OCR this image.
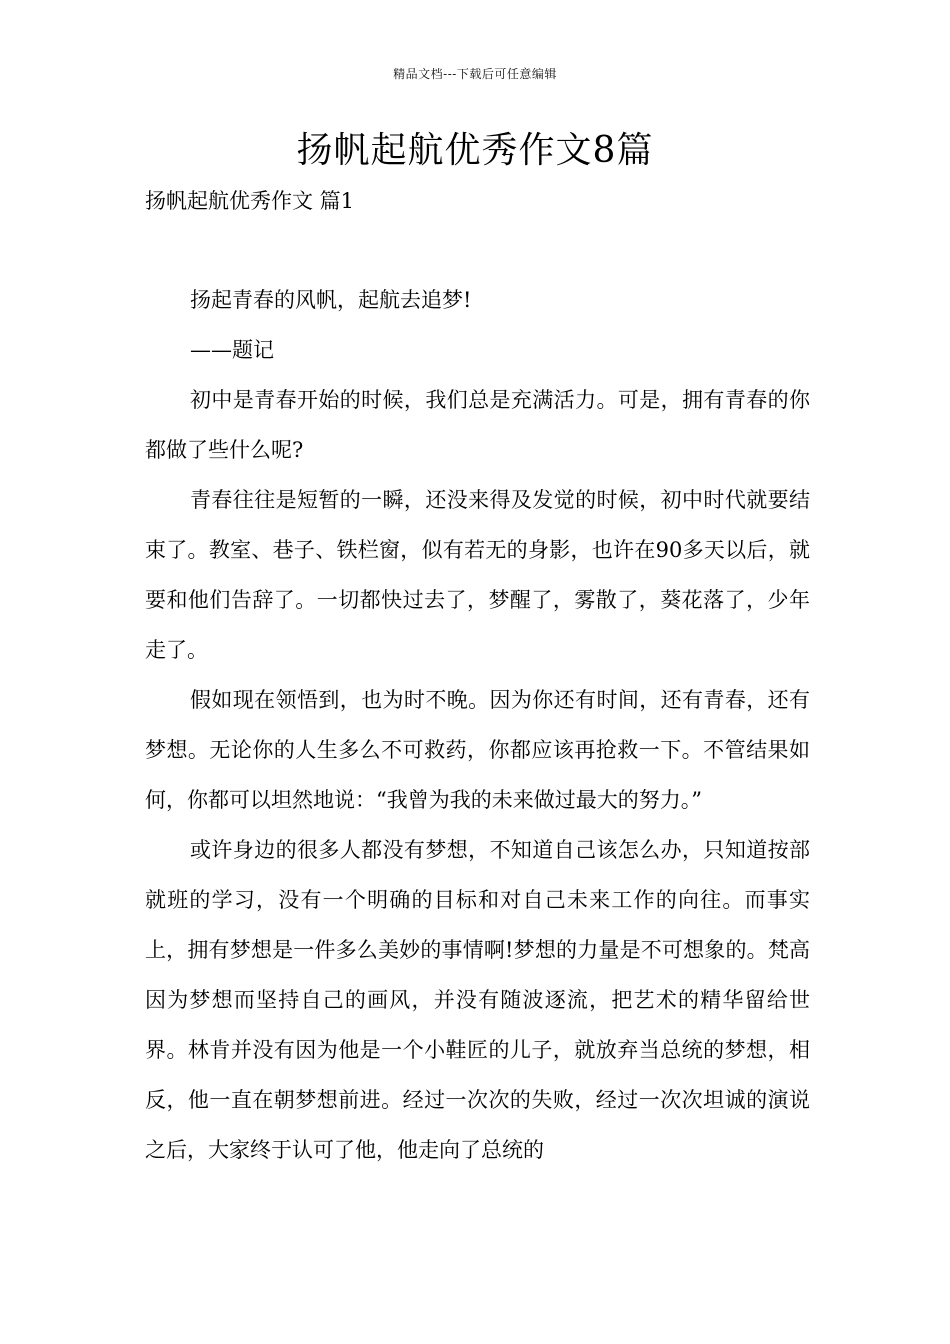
精品文档---下载后可任意编辑
扬帆起航优秀作文8篇
扬帆起航优秀作文 篇1

扬起青春的风帆，起航去追梦!

——题记

初中是青春开始的时候，我们总是充满活力。可是，拥有青春的你都做了些什么呢?

青春往往是短暂的一瞬，还没来得及发觉的时候，初中时代就要结束了。教室、巷子、铁栏窗，似有若无的身影，也许在90多天以后，就要和他们告辞了。一切都快过去了，梦醒了，雾散了，葵花落了，少年走了。

假如现在领悟到，也为时不晚。因为你还有时间，还有青春，还有梦想。无论你的人生多么不可救药，你都应该再抢救一下。不管结果如何，你都可以坦然地说：“我曾为我的未来做过最大的努力。”

或许身边的很多人都没有梦想，不知道自己该怎么办，只知道按部就班的学习，没有一个明确的目标和对自己未来工作的向往。而事实上，拥有梦想是一件多么美妙的事情啊!梦想的力量是不可想象的。梵高因为梦想而坚持自己的画风，并没有随波逐流，把艺术的精华留给世界。林肯并没有因为他是一个小鞋匠的儿子，就放弃当总统的梦想，相反，他一直在朝梦想前进。经过一次次的失败，经过一次次坦诚的演说之后，大家终于认可了他，他走向了总统的
